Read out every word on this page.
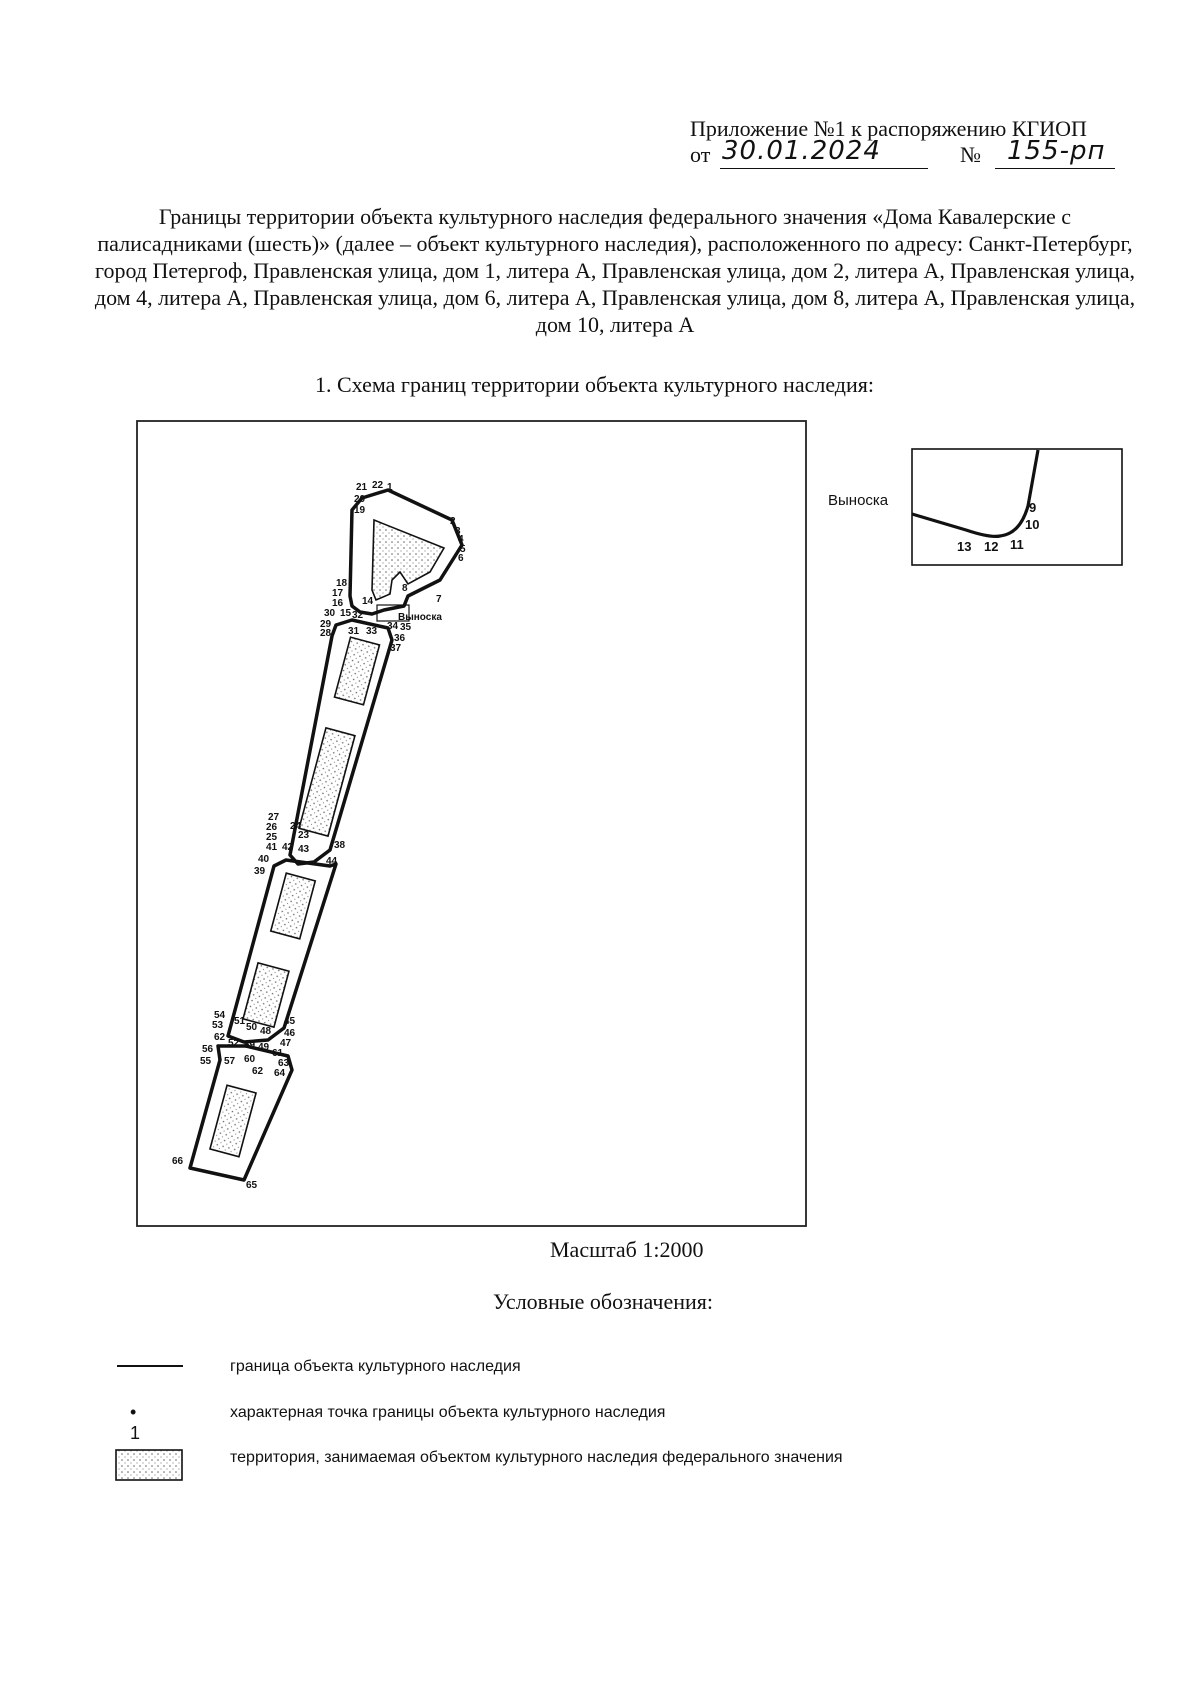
Приложение №1 к распоряжению КГИОП
от 30.01.2024	№ 155-рп
Границы территории объекта культурного наследия федерального значения «Дома Кавалерские с палисадниками (шесть)» (далее – объект культурного наследия), расположенного по адресу: Санкт-Петербург, город Петергоф, Правленская улица, дом 1, литера А, Правленская улица, дом 2, литера А, Правленская улица, дом 4, литера А, Правленская улица, дом 6, литера А, Правленская улица, дом 8, литера А, Правленская улица, дом 10, литера А
1. Схема границ территории объекта культурного наследия:
Выноска
21 22 1
20
19
2
3
4
5
6
7
8
18
17
16 14
30 15 32
29
28 31 33 34 35
36
37
27
26 24
25 23
41 42 43 38
40
39
44
54
53 51
50 48
45
46
62
52 59 49 47
61
56
55 57 60
62
63
64
66
65
Выноска	9
10
11
12
13
Масштаб 1:2000
Условные обозначения:
граница объекта культурного наследия
• 1
характерная точка границы объекта культурного наследия
территория, занимаемая объектом культурного наследия федерального значения
